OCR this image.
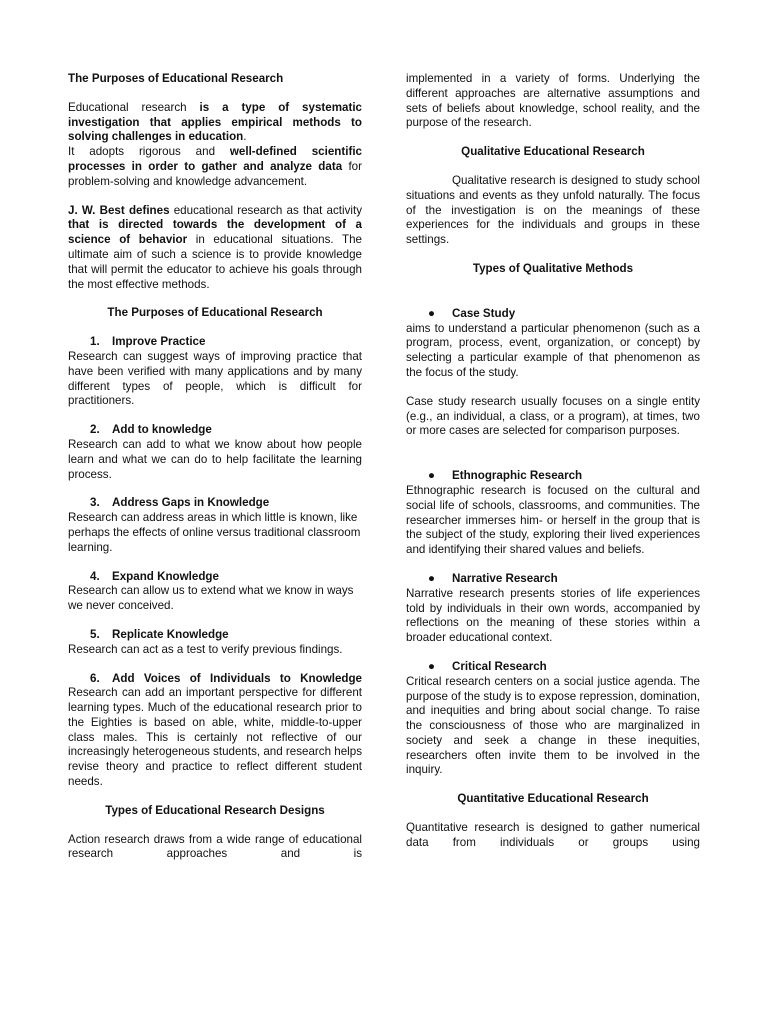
The Purposes of Educational Research

Educational research is a type of systematic investigation that applies empirical methods to solving challenges in education.
It adopts rigorous and well-defined scientific processes in order to gather and analyze data for problem-solving and knowledge advancement.

J. W. Best defines educational research as that activity that is directed towards the development of a science of behavior in educational situations. The ultimate aim of such a science is to provide knowledge that will permit the educator to achieve his goals through the most effective methods.

The Purposes of Educational Research

1.	Improve Practice

Research can suggest ways of improving practice that have been verified with many applications and by many different types of people, which is difficult for practitioners.

2.	Add to knowledge

Research can add to what we know about how people learn and what we can do to help facilitate the learning process.

3.	Address Gaps in Knowledge

Research can address areas in which little is known, like perhaps the effects of online versus traditional classroom learning.

4.	Expand Knowledge

Research can allow us to extend what we know in ways we never conceived.

5.	Replicate Knowledge

Research can act as a test to verify previous findings.

6.	Add Voices of Individuals to Knowledge

Research can add an important perspective for different learning types. Much of the educational research prior to the Eighties is based on able, white, middle-to-upper class males. This is certainly not reflective of our increasingly heterogeneous students, and research helps revise theory and practice to reflect different student needs.

Types of Educational Research Designs

Action research draws from a wide range of educational research approaches and is

implemented in a variety of forms. Underlying the different approaches are alternative assumptions and sets of beliefs about knowledge, school reality, and the purpose of the research.

Qualitative Educational Research

Qualitative research is designed to study school situations and events as they unfold naturally. The focus of the investigation is on the meanings of these experiences for the individuals and groups in these settings.

Types of Qualitative Methods

●	Case Study

aims to understand a particular phenomenon (such as a program, process, event, organization, or concept) by selecting a particular example of that phenomenon as the focus of the study.

Case study research usually focuses on a single entity (e.g., an individual, a class, or a program), at times, two or more cases are selected for comparison purposes.

●	Ethnographic Research

Ethnographic research is focused on the cultural and social life of schools, classrooms, and communities. The researcher immerses him- or herself in the group that is the subject of the study, exploring their lived experiences and identifying their shared values and beliefs.

●	Narrative Research

Narrative research presents stories of life experiences told by individuals in their own words, accompanied by reflections on the meaning of these stories within a broader educational context.

●	Critical Research

Critical research centers on a social justice agenda. The purpose of the study is to expose repression, domination, and inequities and bring about social change. To raise the consciousness of those who are marginalized in society and seek a change in these inequities, researchers often invite them to be involved in the inquiry.

Quantitative Educational Research

Quantitative research is designed to gather numerical data from individuals or groups using
